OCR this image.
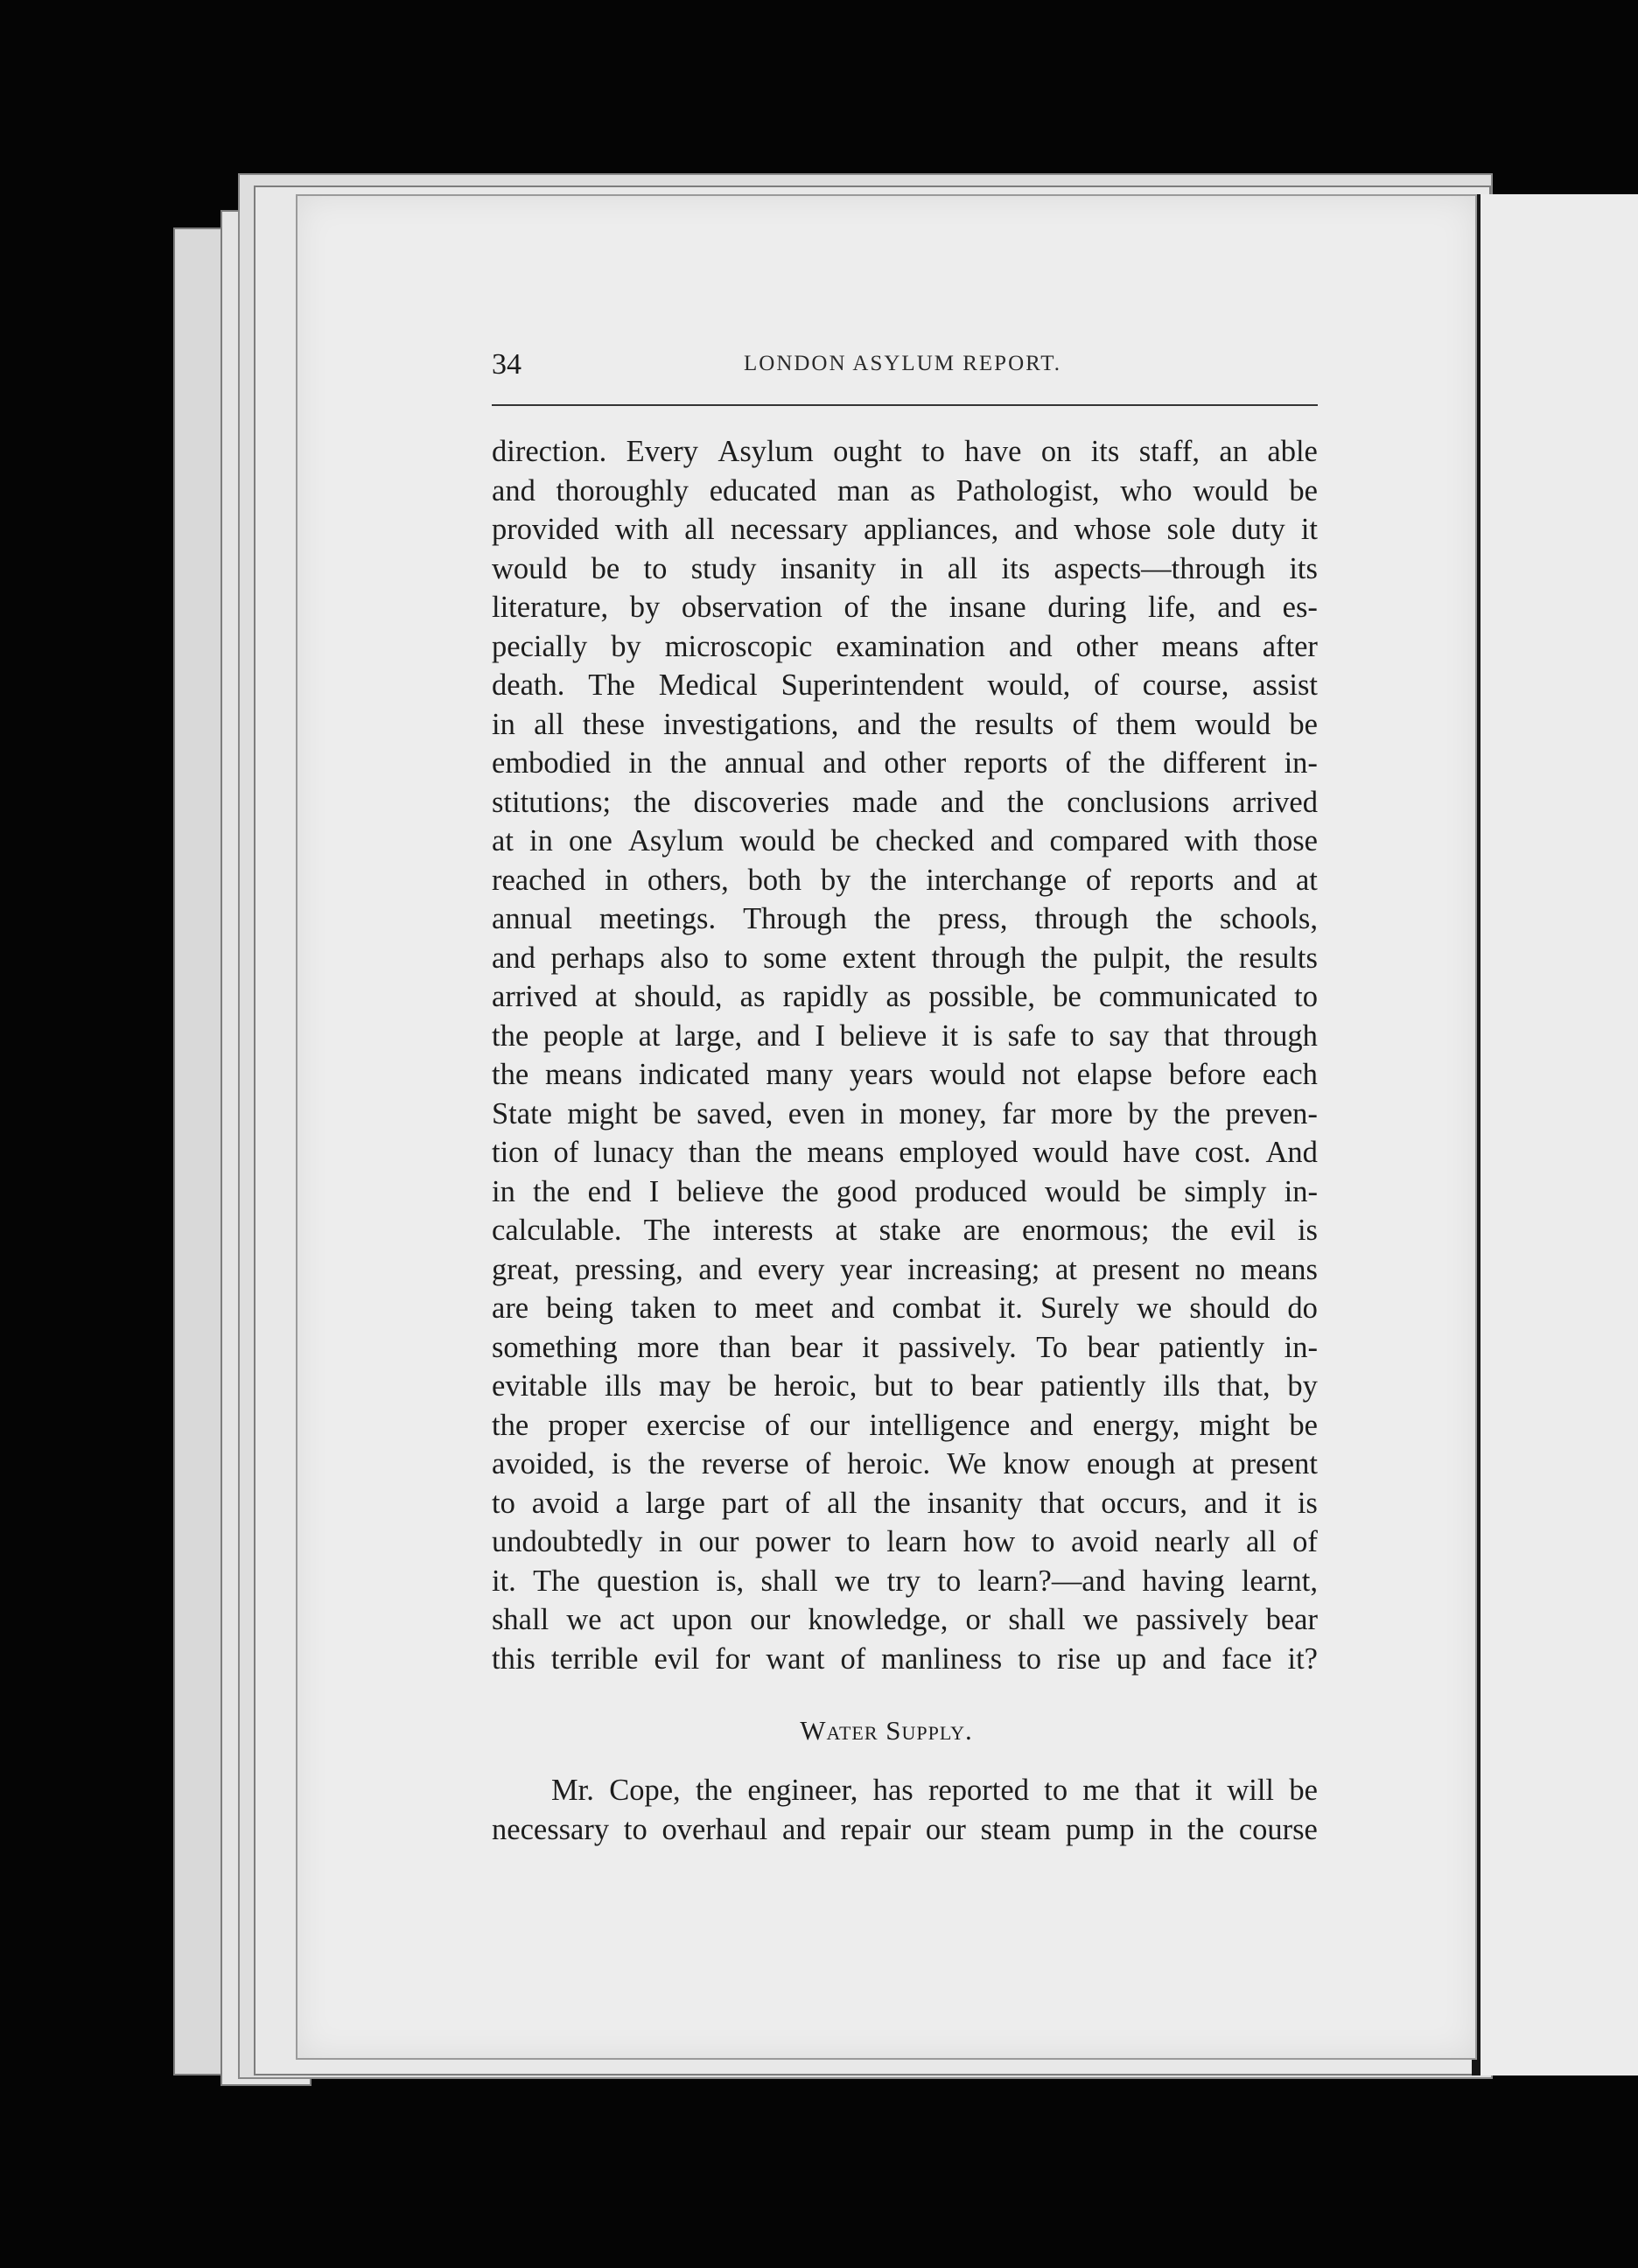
34	LONDON ASYLUM REPORT.
direction. Every Asylum ought to have on its staff, an able
and thoroughly educated man as Pathologist, who would be
provided with all necessary appliances, and whose sole duty it
would be to study insanity in all its aspects—through its
literature, by observation of the insane during life, and es-
pecially by microscopic examination and other means after
death. The Medical Superintendent would, of course, assist
in all these investigations, and the results of them would be
embodied in the annual and other reports of the different in-
stitutions; the discoveries made and the conclusions arrived
at in one Asylum would be checked and compared with those
reached in others, both by the interchange of reports and at
annual meetings. Through the press, through the schools,
and perhaps also to some extent through the pulpit, the results
arrived at should, as rapidly as possible, be communicated to
the people at large, and I believe it is safe to say that through
the means indicated many years would not elapse before each
State might be saved, even in money, far more by the preven-
tion of lunacy than the means employed would have cost. And
in the end I believe the good produced would be simply in-
calculable. The interests at stake are enormous; the evil is
great, pressing, and every year increasing; at present no means
are being taken to meet and combat it. Surely we should do
something more than bear it passively. To bear patiently in-
evitable ills may be heroic, but to bear patiently ills that, by
the proper exercise of our intelligence and energy, might be
avoided, is the reverse of heroic. We know enough at present
to avoid a large part of all the insanity that occurs, and it is
undoubtedly in our power to learn how to avoid nearly all of
it. The question is, shall we try to learn?—and having learnt,
shall we act upon our knowledge, or shall we passively bear
this terrible evil for want of manliness to rise up and face it?
Water Supply.
Mr. Cope, the engineer, has reported to me that it will be
necessary to overhaul and repair our steam pump in the course
